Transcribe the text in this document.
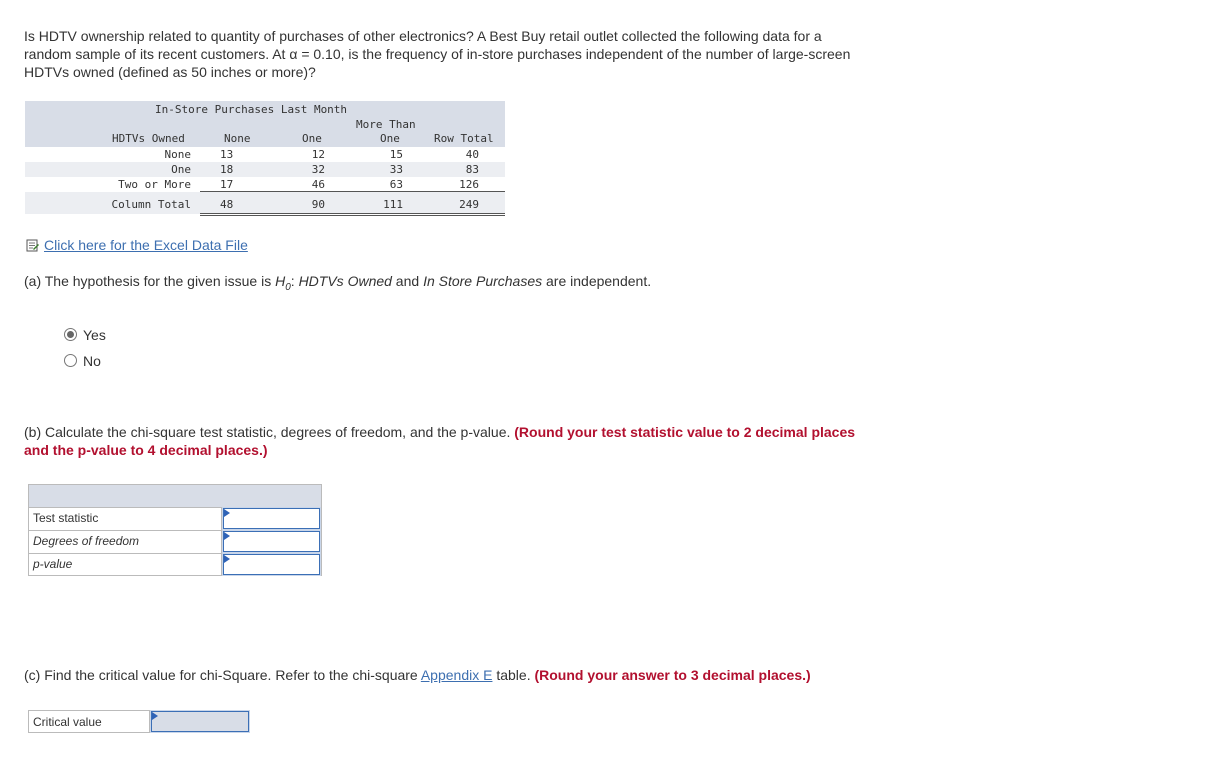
Is HDTV ownership related to quantity of purchases of other electronics? A Best Buy retail outlet collected the following data for a
random sample of its recent customers. At α = 0.10, is the frequency of in-store purchases independent of the number of large-screen
HDTVs owned (defined as 50 inches or more)?
In-Store Purchases Last Month
More Than
HDTVs Owned	None	One	One	Row Total
None	13	12	15	40
One	18	32	33	83
Two or More	17	46	63	126
Column Total	48	90	111	249
Click here for the Excel Data File
(a) The hypothesis for the given issue is $H_0$: HDTVs Owned and In Store Purchases are independent.
Yes
No
(b) Calculate the chi-square test statistic, degrees of freedom, and the p-value. (Round your test statistic value to 2 decimal places
and the p-value to 4 decimal places.)
Test statistic
Degrees of freedom
p-value
(c) Find the critical value for chi-Square. Refer to the chi-square Appendix E table. (Round your answer to 3 decimal places.)
Critical value
